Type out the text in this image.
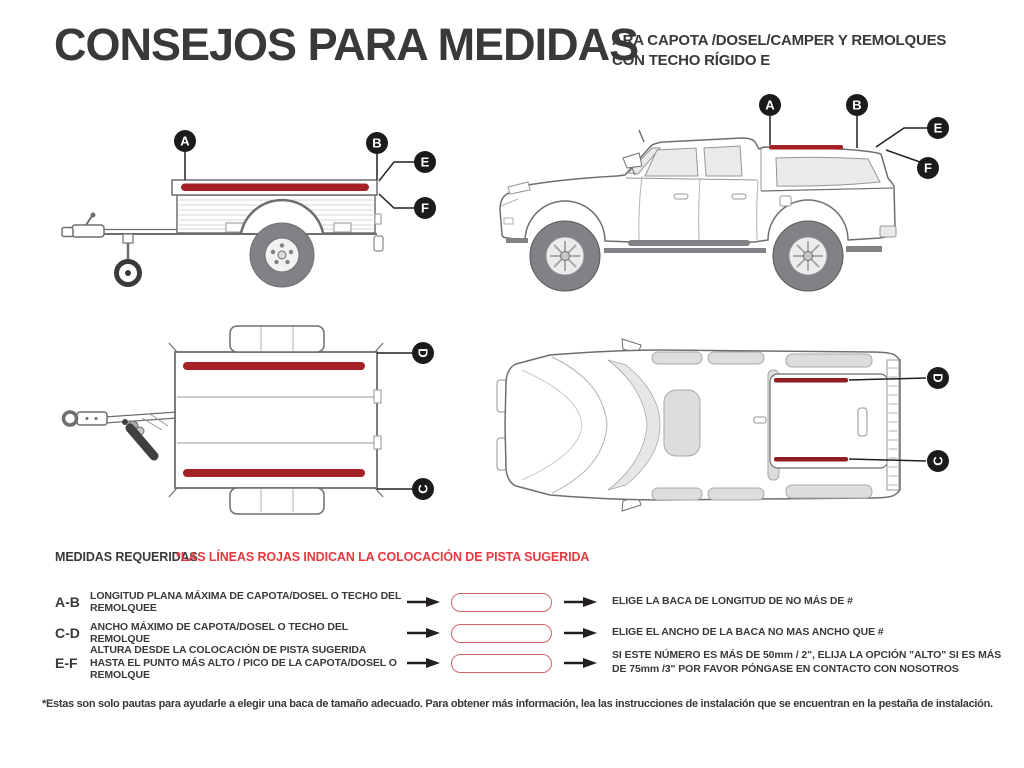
CONSEJOS PARA MEDIDAS
ARA CAPOTA /DOSEL/CAMPER Y REMOLQUES
CON TECHO RÍGIDO E
A	B
E
F
A	B
E
F
D
C
D
C
MEDIDAS REQUERIDAS
*LAS LÍNEAS ROJAS INDICAN LA COLOCACIÓN DE PISTA SUGERIDA
A-B LONGITUD PLANA MÁXIMA DE CAPOTA/DOSEL O TECHO DEL REMOLQUEE
ELIGE LA BACA DE LONGITUD DE NO MÁS DE #
C-D ANCHO MÁXIMO DE CAPOTA/DOSEL O TECHO DEL REMOLQUE
ELIGE EL ANCHO DE LA BACA NO MAS ANCHO QUE #
E-F
ALTURA DESDE LA COLOCACIÓN DE PISTA SUGERIDA HASTA EL PUNTO MÁS ALTO / PICO DE LA CAPOTA/DOSEL O REMOLQUE
SI ESTE NÚMERO ES MÁS DE 50mm / 2", ELIJA LA OPCIÓN "ALTO" SI ES MÁS DE 75mm /3" POR FAVOR PÓNGASE EN CONTACTO CON NOSOTROS
*Estas son solo pautas para ayudarle a elegir una baca de tamaño adecuado. Para obtener más información, lea las instrucciones de instalación que se encuentran en la pestaña de instalación.
